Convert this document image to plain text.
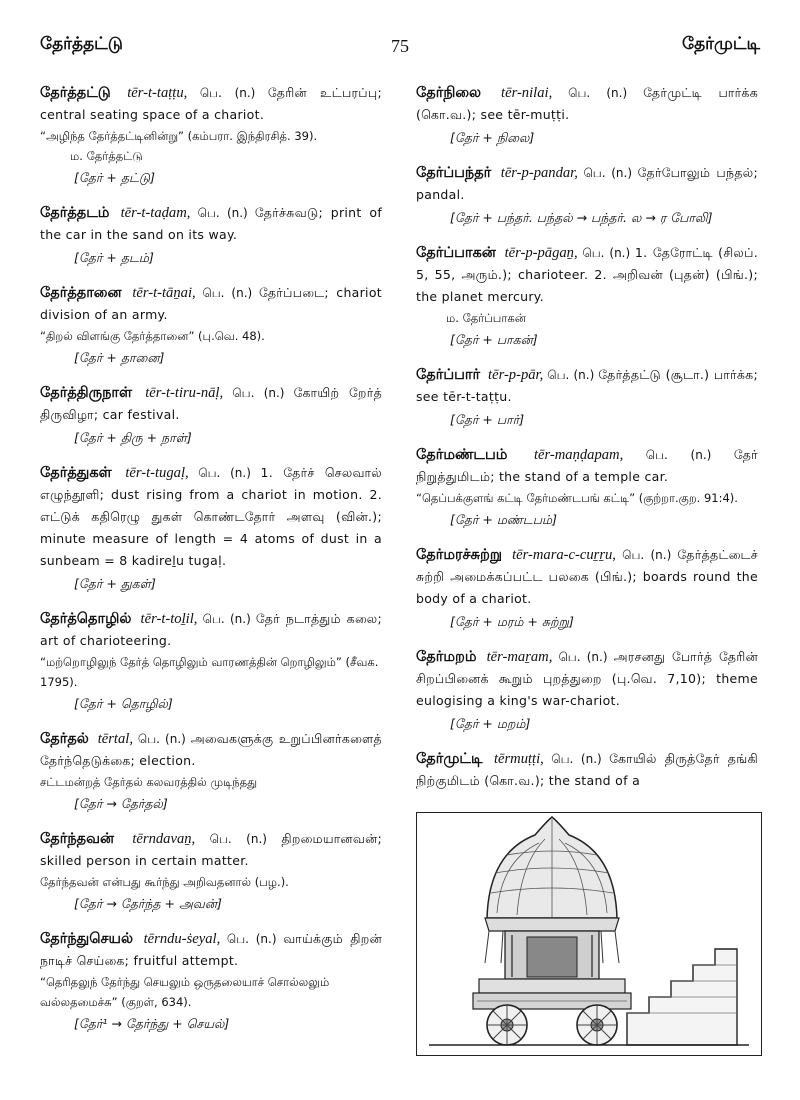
தேர்த்தட்டு	75	தேர்முட்டி
தேர்த்தட்டு tēr-t-taṭṭu, பெ. (n.) தேரின் உட்பரப்பு; central seating space of a chariot.
“அழிந்த தேர்த்தட்டினின்று” (கம்பரா. இந்திரசித். 39).
ம. தேர்த்தட்டு
[தேர் + தட்டு]
தேர்த்தடம் tēr-t-taḍam, பெ. (n.) தேர்ச்சுவடு; print of the car in the sand on its way.
[தேர் + தடம்]
தேர்த்தானை tēr-t-tāṉai, பெ. (n.) தேர்ப்படை; chariot division of an army.
“திறல் விளங்கு தேர்த்தானை” (பு.வெ. 48).
[தேர் + தானை]
தேர்த்திருநாள் tēr-t-tiru-nāḷ, பெ. (n.) கோயிற் றேர்த் திருவிழா; car festival.
[தேர் + திரு + நாள்]
தேர்த்துகள் tēr-t-tugaḷ, பெ. (n.) 1. தேர்ச் செலவால் எழுந்தூளி; dust rising from a chariot in motion. 2. எட்டுக் கதிரெழு துகள் கொண்டதோர் அளவு (வின்.); minute measure of length = 4 atoms of dust in a sunbeam = 8 kadireḻu tugaḷ.
[தேர் + துகள்]
தேர்த்தொழில் tēr-t-toḻil, பெ. (n.) தேர் நடாத்தும் கலை; art of charioteering.
“மற்றொழிலுந் தேர்த் தொழிலும் வாரணத்தின் றொழிலும்” (சீவக. 1795).
[தேர் + தொழில்]
தேர்தல் tērtal, பெ. (n.) அவைகளுக்கு உறுப்பினர்களைத் தேர்ந்தெடுக்கை; election.
சட்டமன்றத் தேர்தல் கலவரத்தில் முடிந்தது
[தேர் → தேர்தல்]
தேர்ந்தவன் tērndavaṉ, பெ. (n.) திறமையானவன்; skilled person in certain matter.
தேர்ந்தவன் என்பது கூர்ந்து அறிவதனால் (பழ.).
[தேர் → தேர்ந்த + அவன்]
தேர்ந்துசெயல் tērndu-ṡeyal, பெ. (n.) வாய்க்கும் திறன் நாடிச் செய்கை; fruitful attempt.
“தெரிதலுந் தேர்ந்து செயலும் ஒருதலையாச் சொல்லலும் வல்லதமைச்சு” (குறள், 634).
[தேர்¹ → தேர்ந்து + செயல்]
தேர்நிலை tēr-nilai, பெ. (n.) தேர்முட்டி பார்க்க (கொ.வ.); see tēr-muṭṭi.
[தேர் + நிலை]
தேர்ப்பந்தர் tēr-p-pandar, பெ. (n.) தேர்போலும் பந்தல்; pandal.
[தேர் + பந்தர். பந்தல் → பந்தர். ல → ர போலி]
தேர்ப்பாகன் tēr-p-pāgaṉ, பெ. (n.) 1. தேரோட்டி (சிலப். 5, 55, அரும்.); charioteer. 2. அறிவன் (புதன்) (பிங்.); the planet mercury.
ம. தேர்ப்பாகன்
[தேர் + பாகன்]
தேர்ப்பார் tēr-p-pār, பெ. (n.) தேர்த்தட்டு (சூடா.) பார்க்க; see tēr-t-taṭṭu.
[தேர் + பார்]
தேர்மண்டபம் tēr-maṇḍapam, பெ. (n.) தேர் நிறுத்துமிடம்; the stand of a temple car.
“தெப்பக்குளங் கட்டி தேர்மண்டபங் கட்டி” (குற்றா.குற. 91:4).
[தேர் + மண்டபம்]
தேர்மரச்சுற்று tēr-mara-c-cuṟṟu, பெ. (n.) தேர்த்தட்டைச் சுற்றி அமைக்கப்பட்ட பலகை (பிங்.); boards round the body of a chariot.
[தேர் + மரம் + சுற்று]
தேர்மறம் tēr-maṟam, பெ. (n.) அரசனது போர்த் தேரின் சிறப்பினைக் கூறும் புறத்துறை (பு.வெ. 7,10); theme eulogising a king's war-chariot.
[தேர் + மறம்]
தேர்முட்டி tērmuṭṭi, பெ. (n.) கோயில் திருத்தேர் தங்கி நிற்குமிடம் (கொ.வ.); the stand of a
